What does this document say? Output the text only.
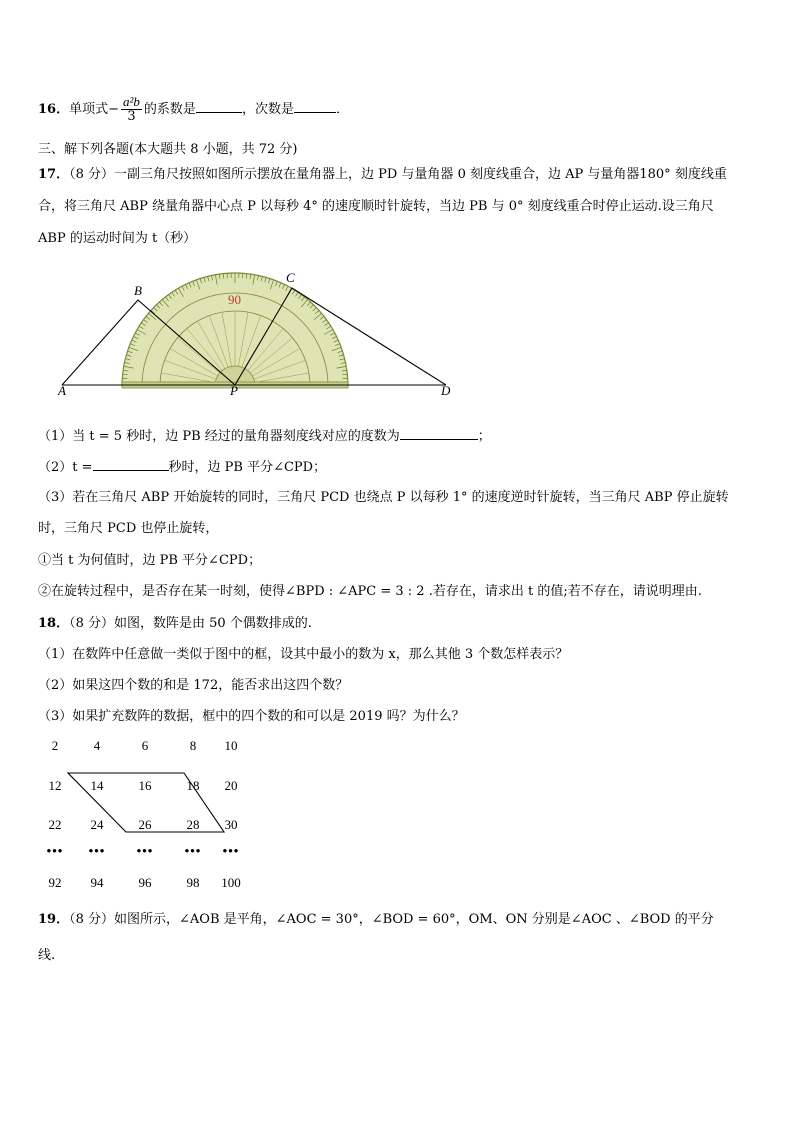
16．单项式− $\frac{\text{a²b}}{3}$ 的系数是	，次数是	．
三、解下列各题(本大题共 8 小题，共 72 分)
17．（8 分）一副三角尺按照如图所示摆放在量角器上，边 PD 与量角器 0 刻度线重合，边 AP 与量角器180° 刻度线重
合，将三角尺 ABP 绕量角器中心点 P 以每秒 4° 的速度顺时针旋转，当边 PB 与 0° 刻度线重合时停止运动.设三角尺
ABP 的运动时间为 t（秒）
90
A
B
C
D
P
（1）当 t = 5 秒时，边 PB 经过的量角器刻度线对应的度数为	；
（2）t =	秒时，边 PB 平分∠CPD；
（3）若在三角尺 ABP 开始旋转的同时，三角尺 PCD 也绕点 P 以每秒 1° 的速度逆时针旋转，当三角尺 ABP 停止旋转
时，三角尺 PCD 也停止旋转，
①当 t 为何值时，边 PB 平分∠CPD；
②在旋转过程中，是否存在某一时刻，使得∠BPD : ∠APC = 3 : 2 .若存在，请求出 t 的值;若不存在，请说明理由.
18．（8 分）如图，数阵是由 50 个偶数排成的.
（1）在数阵中任意做一类似于图中的框，设其中最小的数为 x，那么其他 3 个数怎样表示？
（2）如果这四个数的和是 172，能否求出这四个数？
（3）如果扩充数阵的数据，框中的四个数的和可以是 2019 吗？为什么？
2	4	6	8	10
12	14	16	18	20
22	24	26	28	30
•••	•••	•••	•••	•••
92	94	96	98	100
19．（8 分）如图所示，∠AOB 是平角，∠AOC = 30°，∠BOD = 60°，OM、ON 分别是∠AOC 、∠BOD 的平分
线.
